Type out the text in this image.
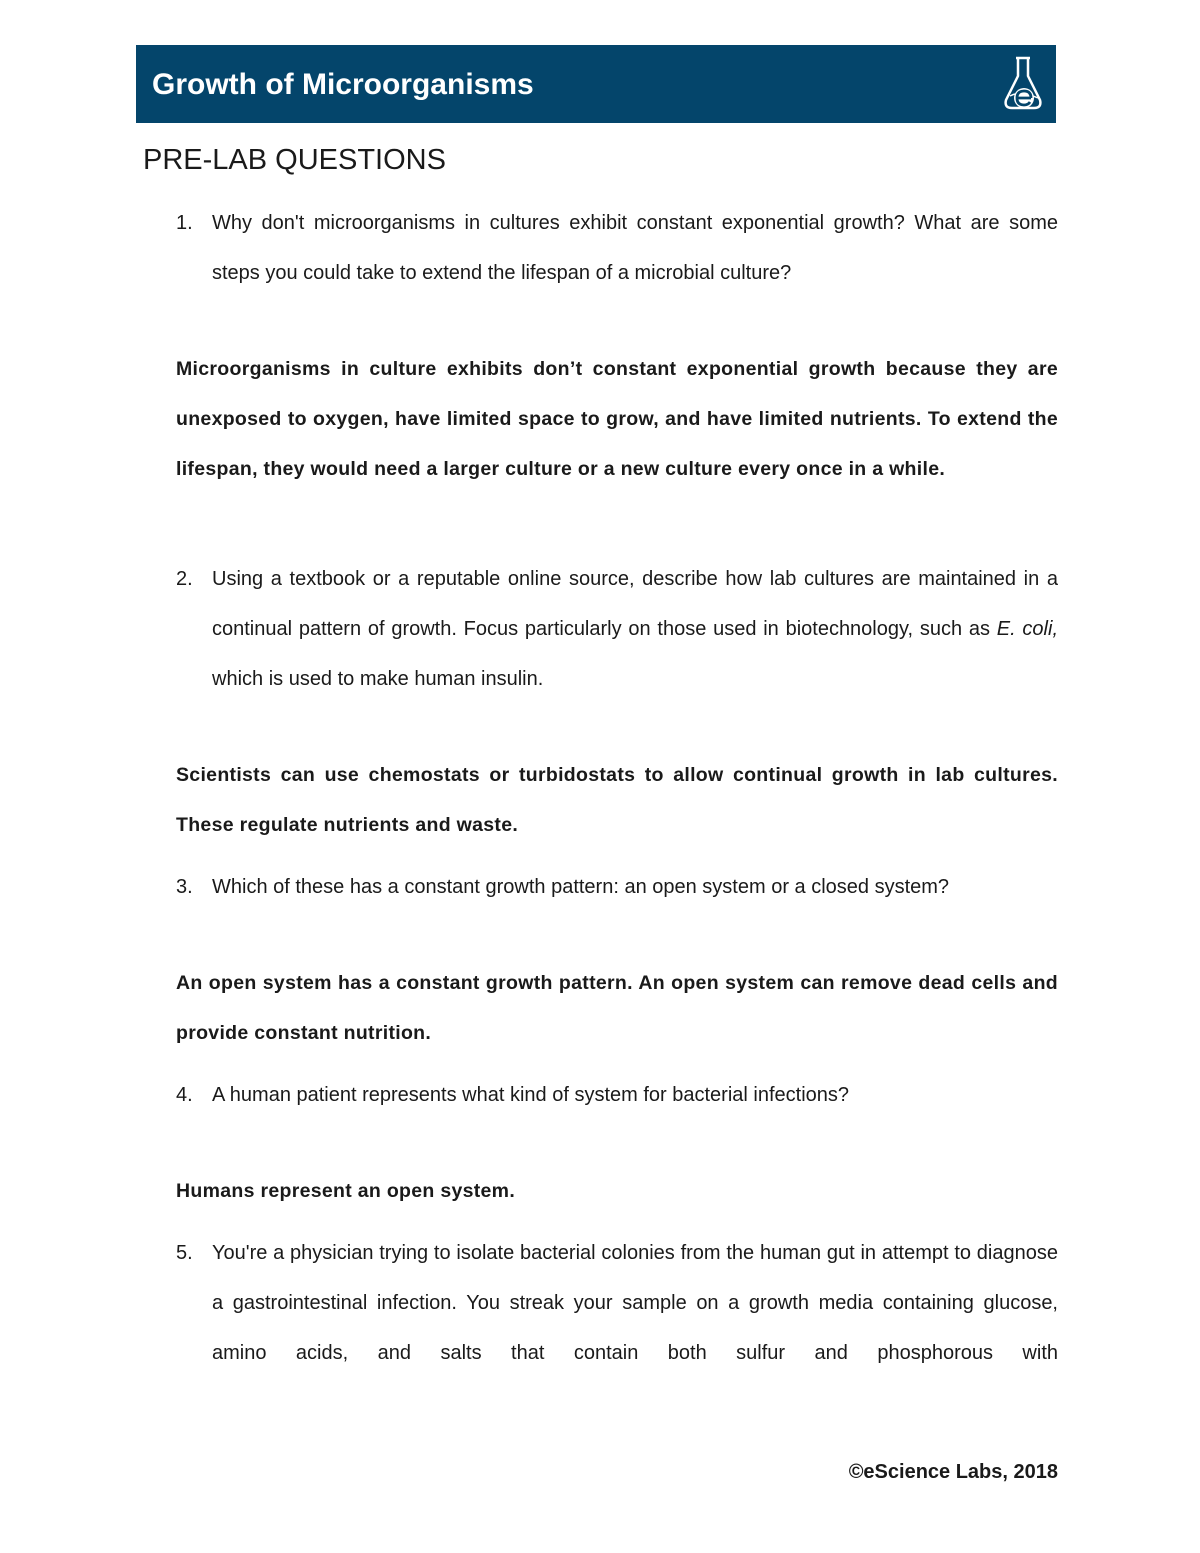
Growth of Microorganisms
PRE-LAB QUESTIONS
1. Why don't microorganisms in cultures exhibit constant exponential growth? What are some steps you could take to extend the lifespan of a microbial culture?
Microorganisms in culture exhibits don’t constant exponential growth because they are unexposed to oxygen, have limited space to grow, and have limited nutrients. To extend the lifespan, they would need a larger culture or a new culture every once in a while.
2. Using a textbook or a reputable online source, describe how lab cultures are maintained in a continual pattern of growth. Focus particularly on those used in biotechnology, such as E. coli, which is used to make human insulin.
Scientists can use chemostats or turbidostats to allow continual growth in lab cultures. These regulate nutrients and waste.
3. Which of these has a constant growth pattern: an open system or a closed system?
An open system has a constant growth pattern. An open system can remove dead cells and provide constant nutrition.
4. A human patient represents what kind of system for bacterial infections?
Humans represent an open system.
5. You're a physician trying to isolate bacterial colonies from the human gut in attempt to diagnose a gastrointestinal infection. You streak your sample on a growth media containing glucose, amino acids, and salts that contain both sulfur and phosphorous with
©eScience Labs, 2018
